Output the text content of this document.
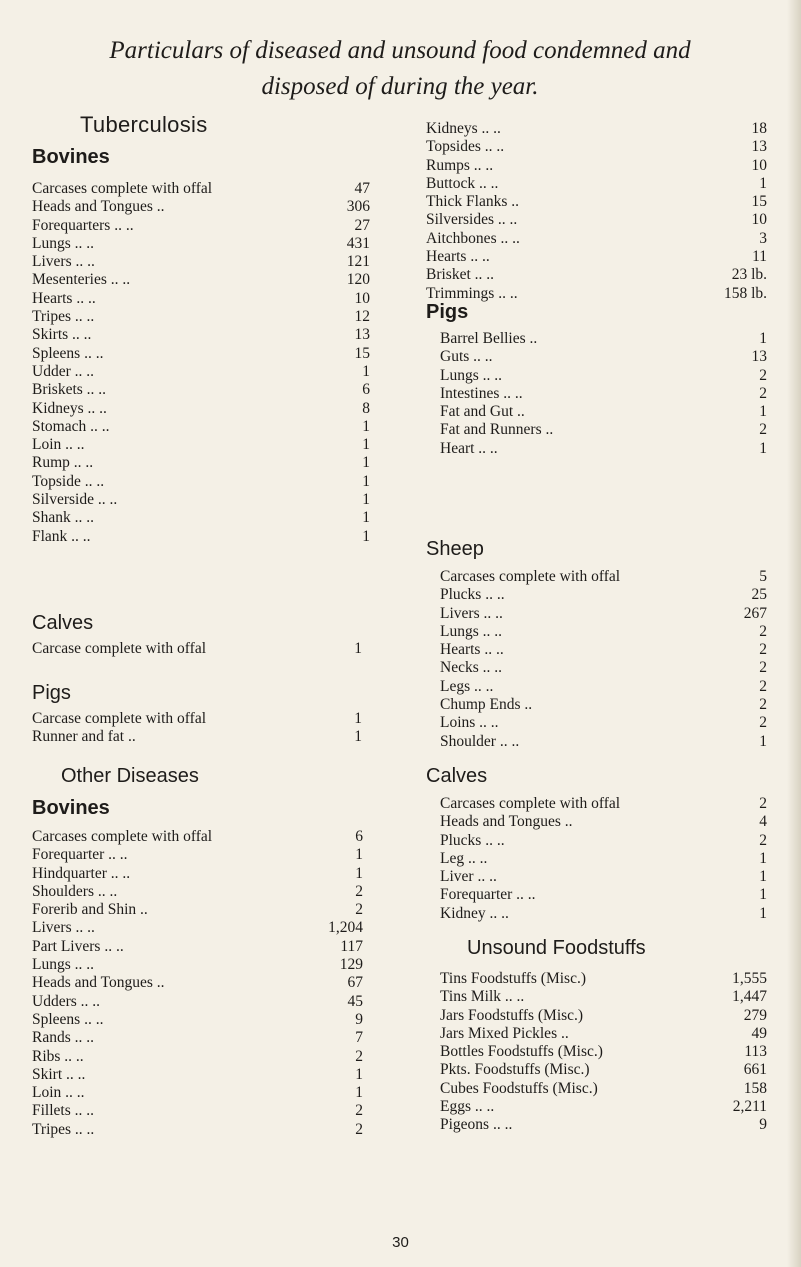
Particulars of diseased and unsound food condemned and
disposed of during the year.
Tuberculosis
Bovines
Carcases complete with offal	47
Heads and Tongues ..	306
Forequarters .. ..	27
Lungs .. ..	431
Livers .. ..	121
Mesenteries .. ..	120
Hearts .. ..	10
Tripes .. ..	12
Skirts .. ..	13
Spleens .. ..	15
Udder .. ..	1
Briskets .. ..	6
Kidneys .. ..	8
Stomach .. ..	1
Loin .. ..	1
Rump .. ..	1
Topside .. ..	1
Silverside .. ..	1
Shank .. ..	1
Flank .. ..	1
Calves
Carcase complete with offal	1
Pigs
Carcase complete with offal	1
Runner and fat ..	1
Other Diseases
Bovines
Carcases complete with offal	6
Forequarter .. ..	1
Hindquarter .. ..	1
Shoulders .. ..	2
Forerib and Shin ..	2
Livers .. ..	1,204
Part Livers .. ..	117
Lungs .. ..	129
Heads and Tongues ..	67
Udders .. ..	45
Spleens .. ..	9
Rands .. ..	7
Ribs .. ..	2
Skirt .. ..	1
Loin .. ..	1
Fillets .. ..	2
Tripes .. ..	2
Kidneys .. ..	18
Topsides .. ..	13
Rumps .. ..	10
Buttock .. ..	1
Thick Flanks ..	15
Silversides .. ..	10
Aitchbones .. ..	3
Hearts .. ..	11
Brisket .. ..	23 lb.
Trimmings .. ..	158 lb.
Pigs
Barrel Bellies ..	1
Guts .. ..	13
Lungs .. ..	2
Intestines .. ..	2
Fat and Gut ..	1
Fat and Runners ..	2
Heart .. ..	1
Sheep
Carcases complete with offal	5
Plucks .. ..	25
Livers .. ..	267
Lungs .. ..	2
Hearts .. ..	2
Necks .. ..	2
Legs .. ..	2
Chump Ends ..	2
Loins .. ..	2
Shoulder .. ..	1
Calves
Carcases complete with offal	2
Heads and Tongues ..	4
Plucks .. ..	2
Leg .. ..	1
Liver .. ..	1
Forequarter .. ..	1
Kidney .. ..	1
Unsound Foodstuffs
Tins Foodstuffs (Misc.)	1,555
Tins Milk .. ..	1,447
Jars Foodstuffs (Misc.)	279
Jars Mixed Pickles ..	49
Bottles Foodstuffs (Misc.)	113
Pkts. Foodstuffs (Misc.)	661
Cubes Foodstuffs (Misc.)	158
Eggs .. ..	2,211
Pigeons .. ..	9
30
